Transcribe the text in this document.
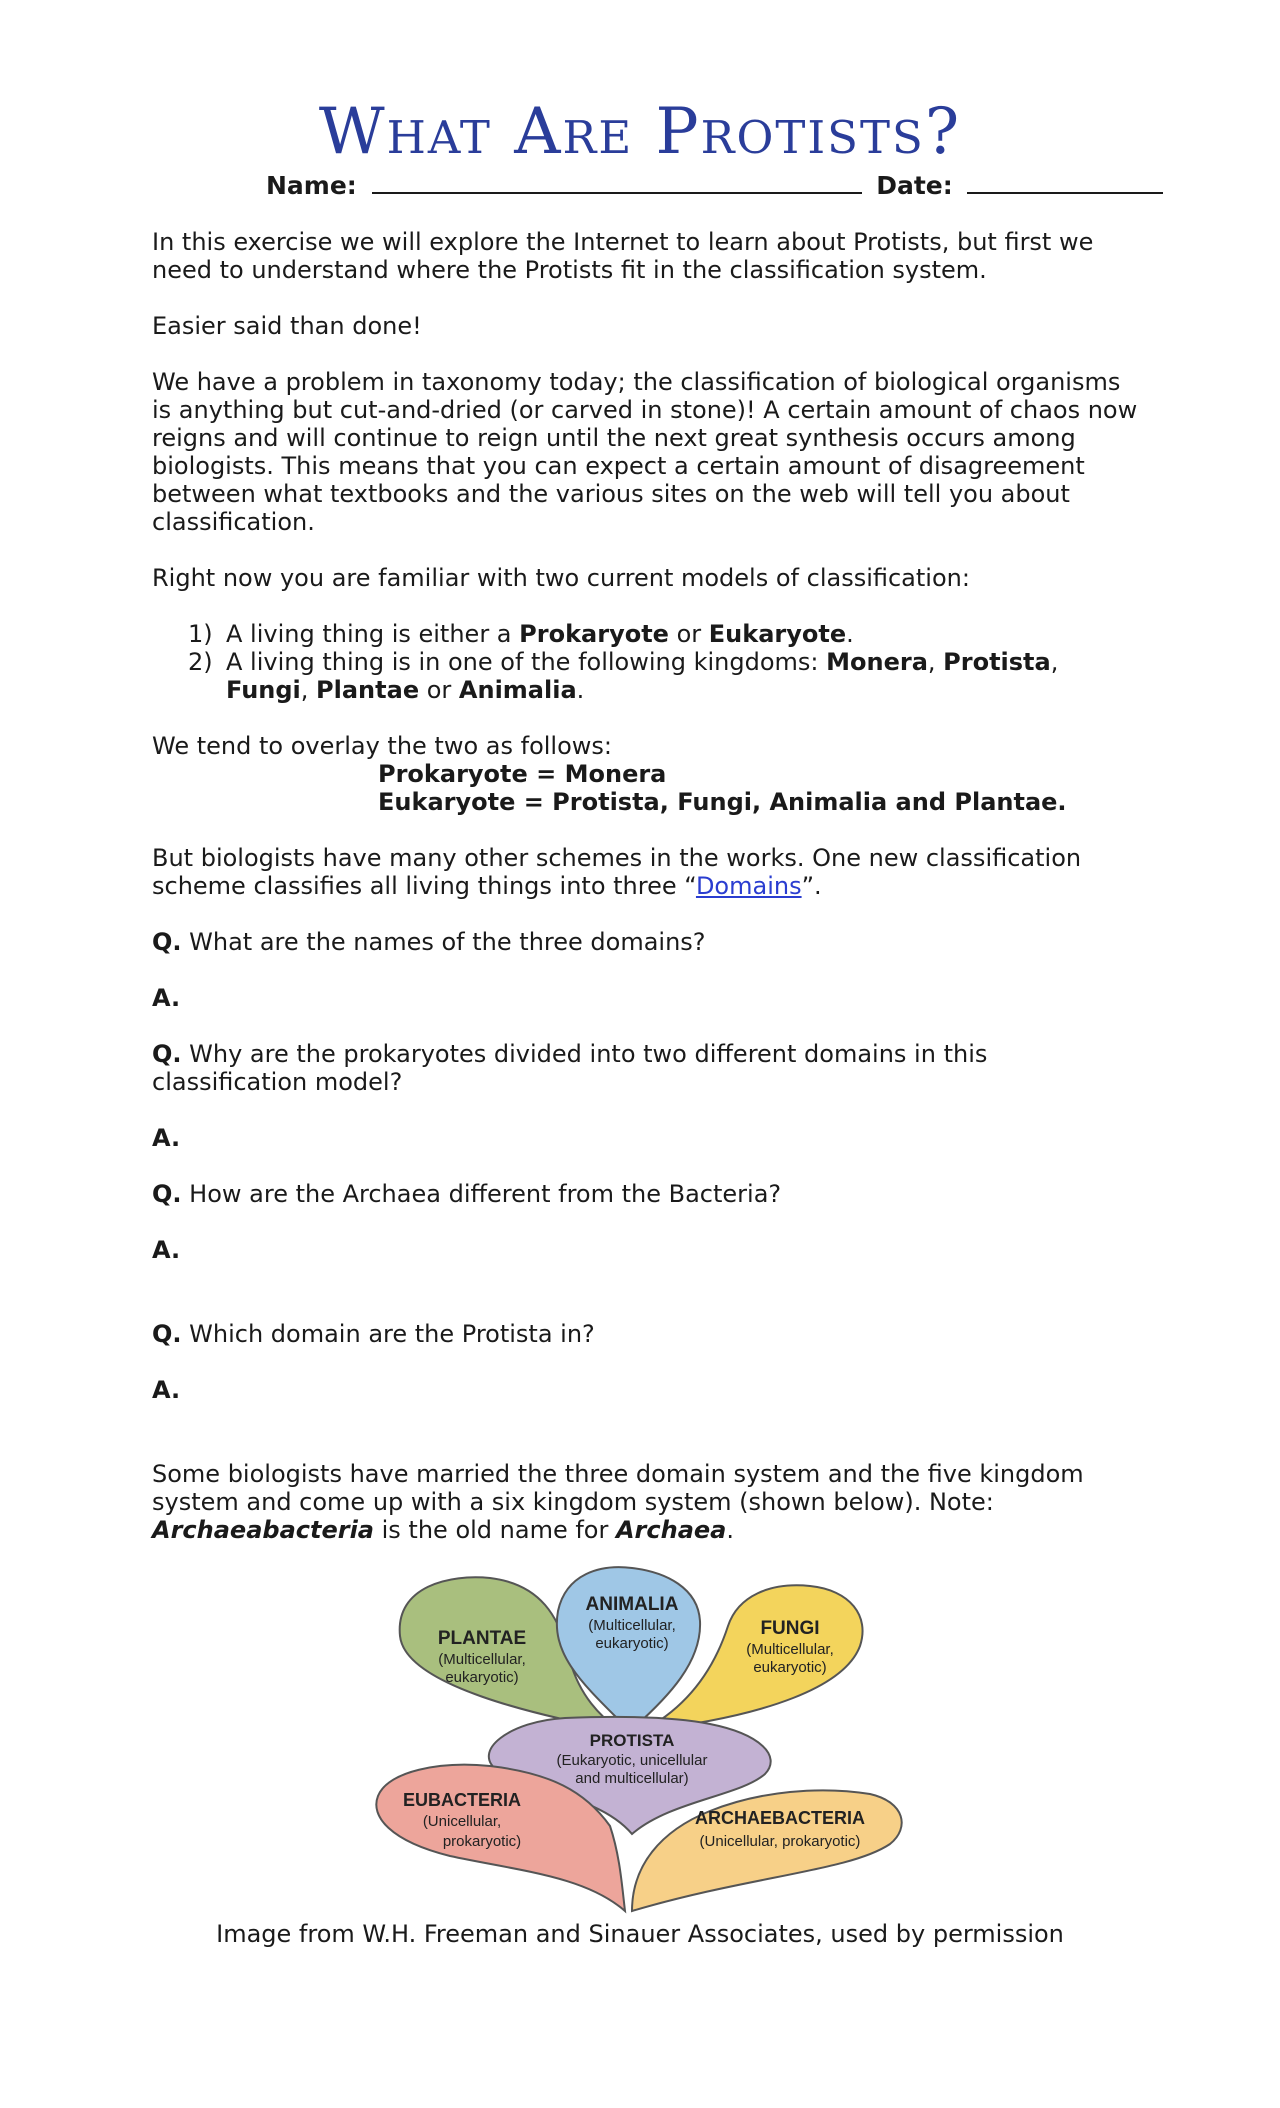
What Are Protists?
Name:	Date:

In this exercise we will explore the Internet to learn about Protists, but first we need to understand where the Protists fit in the classification system.

Easier said than done!

We have a problem in taxonomy today; the classification of biological organisms is anything but cut-and-dried (or carved in stone)! A certain amount of chaos now reigns and will continue to reign until the next great synthesis occurs among biologists. This means that you can expect a certain amount of disagreement between what textbooks and the various sites on the web will tell you about classification.

Right now you are familiar with two current models of classification:

1) A living thing is either a Prokaryote or Eukaryote.
2) A living thing is in one of the following kingdoms: Monera, Protista, Fungi, Plantae or Animalia.

We tend to overlay the two as follows:

Prokaryote = Monera

Eukaryote = Protista, Fungi, Animalia and Plantae.

But biologists have many other schemes in the works. One new classification scheme classifies all living things into three “Domains”.

Q. What are the names of the three domains?

A.

Q. Why are the prokaryotes divided into two different domains in this classification model?

A.

Q. How are the Archaea different from the Bacteria?

A.

Q. Which domain are the Protista in?

A.

Some biologists have married the three domain system and the five kingdom system and come up with a six kingdom system (shown below). Note: Archaeabacteria is the old name for Archaea.

PLANTAE
(Multicellular,
eukaryotic)
ANIMALIA
(Multicellular,
eukaryotic)
FUNGI
(Multicellular,
eukaryotic)
PROTISTA
(Eukaryotic, unicellular
and multicellular)
EUBACTERIA
(Unicellular,
prokaryotic)
ARCHAEBACTERIA
(Unicellular, prokaryotic)
Image from W.H. Freeman and Sinauer Associates, used by permission
